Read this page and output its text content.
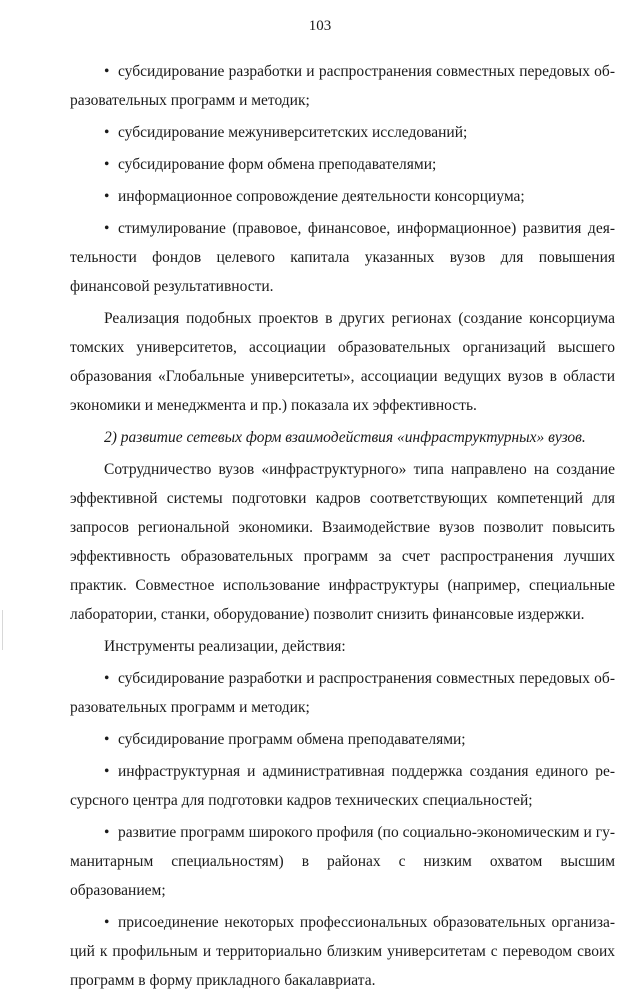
103

• субсидирование разработки и распространения совместных передовых образовательных программ и методик;

• субсидирование межуниверситетских исследований;

• субсидирование форм обмена преподавателями;

• информационное сопровождение деятельности консорциума;

• стимулирование (правовое, финансовое, информационное) развития деятельности фондов целевого капитала указанных вузов для повышения финансовой результативности.

Реализация подобных проектов в других регионах (создание консорциума томских университетов, ассоциации образовательных организаций высшего образования «Глобальные университеты», ассоциации ведущих вузов в области экономики и менеджмента и пр.) показала их эффективность.

2) развитие сетевых форм взаимодействия «инфраструктурных» вузов.

Сотрудничество вузов «инфраструктурного» типа направлено на создание эффективной системы подготовки кадров соответствующих компетенций для запросов региональной экономики. Взаимодействие вузов позволит повысить эффективность образовательных программ за счет распространения лучших практик. Совместное использование инфраструктуры (например, специальные лаборатории, станки, оборудование) позволит снизить финансовые издержки.

Инструменты реализации, действия:

• субсидирование разработки и распространения совместных передовых образовательных программ и методик;

• субсидирование программ обмена преподавателями;

• инфраструктурная и административная поддержка создания единого ресурсного центра для подготовки кадров технических специальностей;

• развитие программ широкого профиля (по социально-экономическим и гуманитарным специальностям) в районах с низким охватом высшим образованием;

• присоединение некоторых профессиональных образовательных организаций к профильным и территориально близким университетам с переводом своих программ в форму прикладного бакалавриата.
